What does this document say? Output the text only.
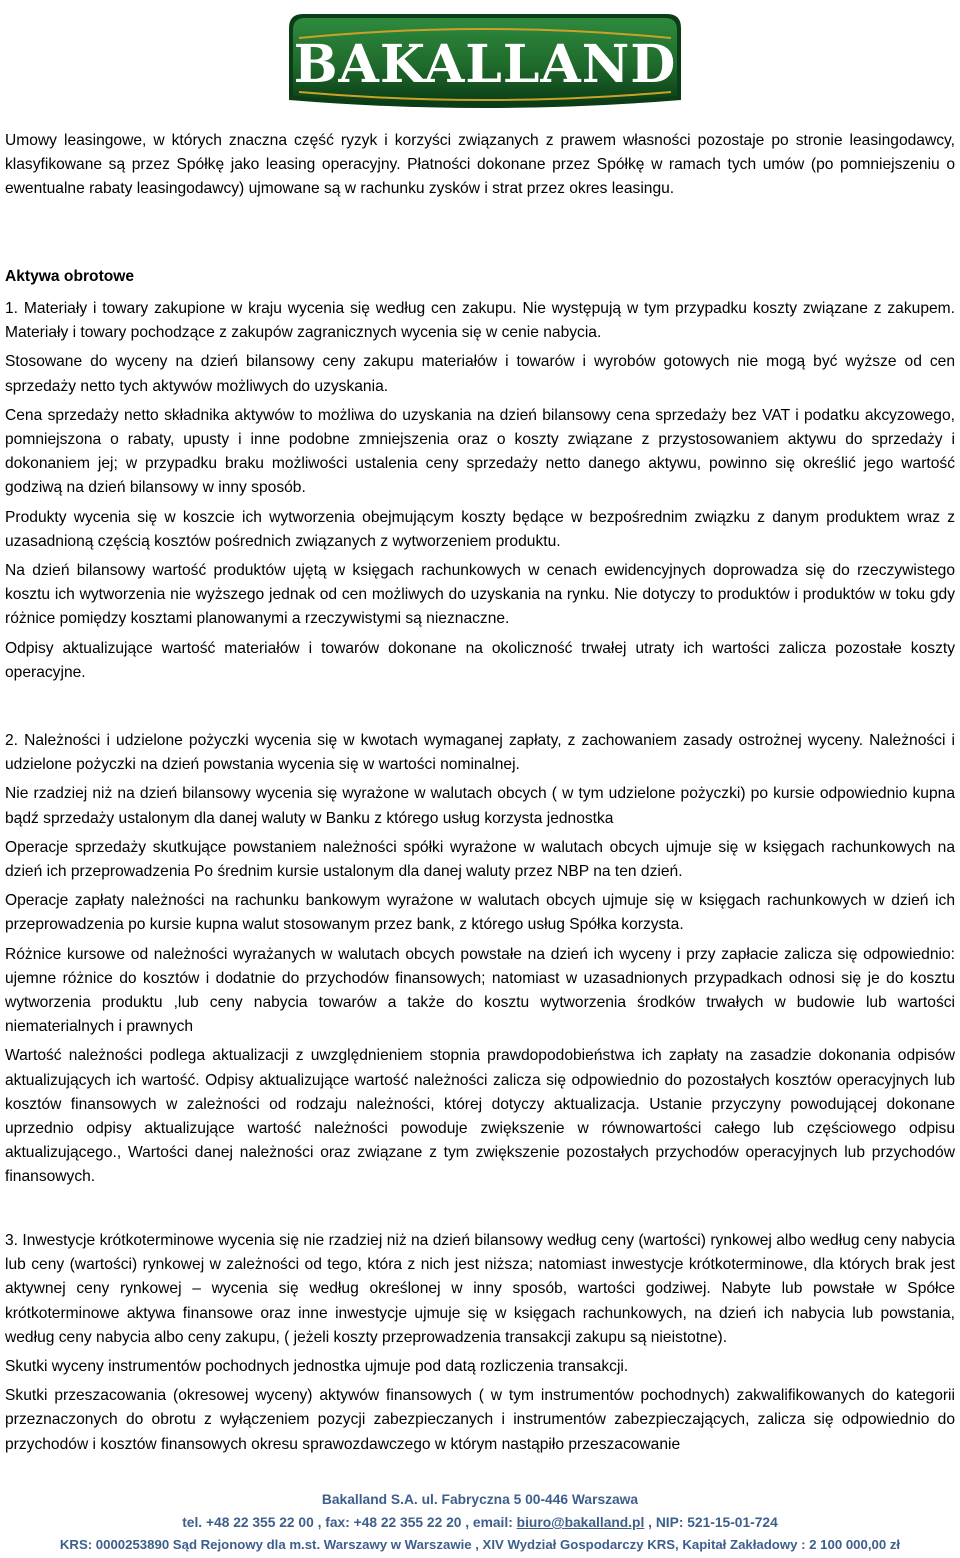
BAKALLAND

Umowy leasingowe, w których znaczna część ryzyk i korzyści związanych z prawem własności pozostaje po stronie leasingodawcy, klasyfikowane są przez Spółkę jako leasing operacyjny. Płatności dokonane przez Spółkę w ramach tych umów (po pomniejszeniu o ewentualne rabaty leasingodawcy) ujmowane są w rachunku zysków i strat przez okres leasingu.

Aktywa obrotowe

1. Materiały i towary zakupione w kraju wycenia się według cen zakupu. Nie występują w tym przypadku koszty związane z zakupem. Materiały i towary pochodzące z zakupów zagranicznych wycenia się w cenie nabycia.

Stosowane do wyceny na dzień bilansowy ceny zakupu materiałów i towarów i wyrobów gotowych nie mogą być wyższe od cen sprzedaży netto tych aktywów możliwych do uzyskania.

Cena sprzedaży netto składnika aktywów to możliwa do uzyskania na dzień bilansowy cena sprzedaży bez VAT i podatku akcyzowego, pomniejszona o rabaty, upusty i inne podobne zmniejszenia oraz o koszty związane z przystosowaniem aktywu do sprzedaży i dokonaniem jej; w przypadku braku możliwości ustalenia ceny sprzedaży netto danego aktywu, powinno się określić jego wartość godziwą na dzień bilansowy w inny sposób.

Produkty wycenia się w koszcie ich wytworzenia obejmującym koszty będące w bezpośrednim związku z danym produktem wraz z uzasadnioną częścią kosztów pośrednich związanych z wytworzeniem produktu.

Na dzień bilansowy wartość produktów ujętą w księgach rachunkowych w cenach ewidencyjnych doprowadza się do rzeczywistego kosztu ich wytworzenia nie wyższego jednak od cen możliwych do uzyskania na rynku. Nie dotyczy to produktów i produktów w toku gdy różnice pomiędzy kosztami planowanymi a rzeczywistymi są nieznaczne.

Odpisy aktualizujące wartość materiałów i towarów dokonane na okoliczność trwałej utraty ich wartości zalicza pozostałe koszty operacyjne.

2. Należności i udzielone pożyczki wycenia się w kwotach wymaganej zapłaty, z zachowaniem zasady ostrożnej wyceny. Należności i udzielone pożyczki na dzień powstania wycenia się w wartości nominalnej.

Nie rzadziej niż na dzień bilansowy wycenia się wyrażone w walutach obcych ( w tym udzielone pożyczki) po kursie odpowiednio kupna bądź sprzedaży ustalonym dla danej waluty w Banku z którego usług korzysta jednostka

Operacje sprzedaży skutkujące powstaniem należności spółki wyrażone w walutach obcych ujmuje się w księgach rachunkowych na dzień ich przeprowadzenia Po średnim kursie ustalonym dla danej waluty przez NBP na ten dzień.

Operacje zapłaty należności na rachunku bankowym wyrażone w walutach obcych ujmuje się w księgach rachunkowych w dzień ich przeprowadzenia po kursie kupna walut stosowanym przez bank, z którego usług Spółka korzysta.

Różnice kursowe od należności wyrażanych w walutach obcych powstałe na dzień ich wyceny i przy zapłacie zalicza się odpowiednio: ujemne różnice do kosztów i dodatnie do przychodów finansowych; natomiast w uzasadnionych przypadkach odnosi się je do kosztu wytworzenia produktu ,lub ceny nabycia towarów a także do kosztu wytworzenia środków trwałych w budowie lub wartości niematerialnych i prawnych

Wartość należności podlega aktualizacji z uwzględnieniem stopnia prawdopodobieństwa ich zapłaty na zasadzie dokonania odpisów aktualizujących ich wartość. Odpisy aktualizujące wartość należności zalicza się odpowiednio do pozostałych kosztów operacyjnych lub kosztów finansowych w zależności od rodzaju należności, której dotyczy aktualizacja. Ustanie przyczyny powodującej dokonane uprzednio odpisy aktualizujące wartość należności powoduje zwiększenie w równowartości całego lub częściowego odpisu aktualizującego., Wartości danej należności oraz związane z tym zwiększenie pozostałych przychodów operacyjnych lub przychodów finansowych.

3. Inwestycje krótkoterminowe wycenia się nie rzadziej niż na dzień bilansowy według ceny (wartości) rynkowej albo według ceny nabycia lub ceny (wartości) rynkowej w zależności od tego, która z nich jest niższa; natomiast inwestycje krótkoterminowe, dla których brak jest aktywnej ceny rynkowej – wycenia się według określonej w inny sposób, wartości godziwej. Nabyte lub powstałe w Spółce krótkoterminowe aktywa finansowe oraz inne inwestycje ujmuje się w księgach rachunkowych, na dzień ich nabycia lub powstania, według ceny nabycia albo ceny zakupu, ( jeżeli koszty przeprowadzenia transakcji zakupu są nieistotne).

Skutki wyceny instrumentów pochodnych jednostka ujmuje pod datą rozliczenia transakcji.

Skutki przeszacowania (okresowej wyceny) aktywów finansowych ( w tym instrumentów pochodnych) zakwalifikowanych do kategorii przeznaczonych do obrotu z wyłączeniem pozycji zabezpieczanych i instrumentów zabezpieczających, zalicza się odpowiednio do przychodów i kosztów finansowych okresu sprawozdawczego w którym nastąpiło przeszacowanie

Bakalland S.A. ul. Fabryczna 5 00-446 Warszawa
tel. +48 22 355 22 00 , fax: +48 22 355 22 20 , email: biuro@bakalland.pl , NIP: 521-15-01-724
KRS: 0000253890 Sąd Rejonowy dla m.st. Warszawy w Warszawie , XIV Wydział Gospodarczy KRS, Kapitał Zakładowy : 2 100 000,00 zł
